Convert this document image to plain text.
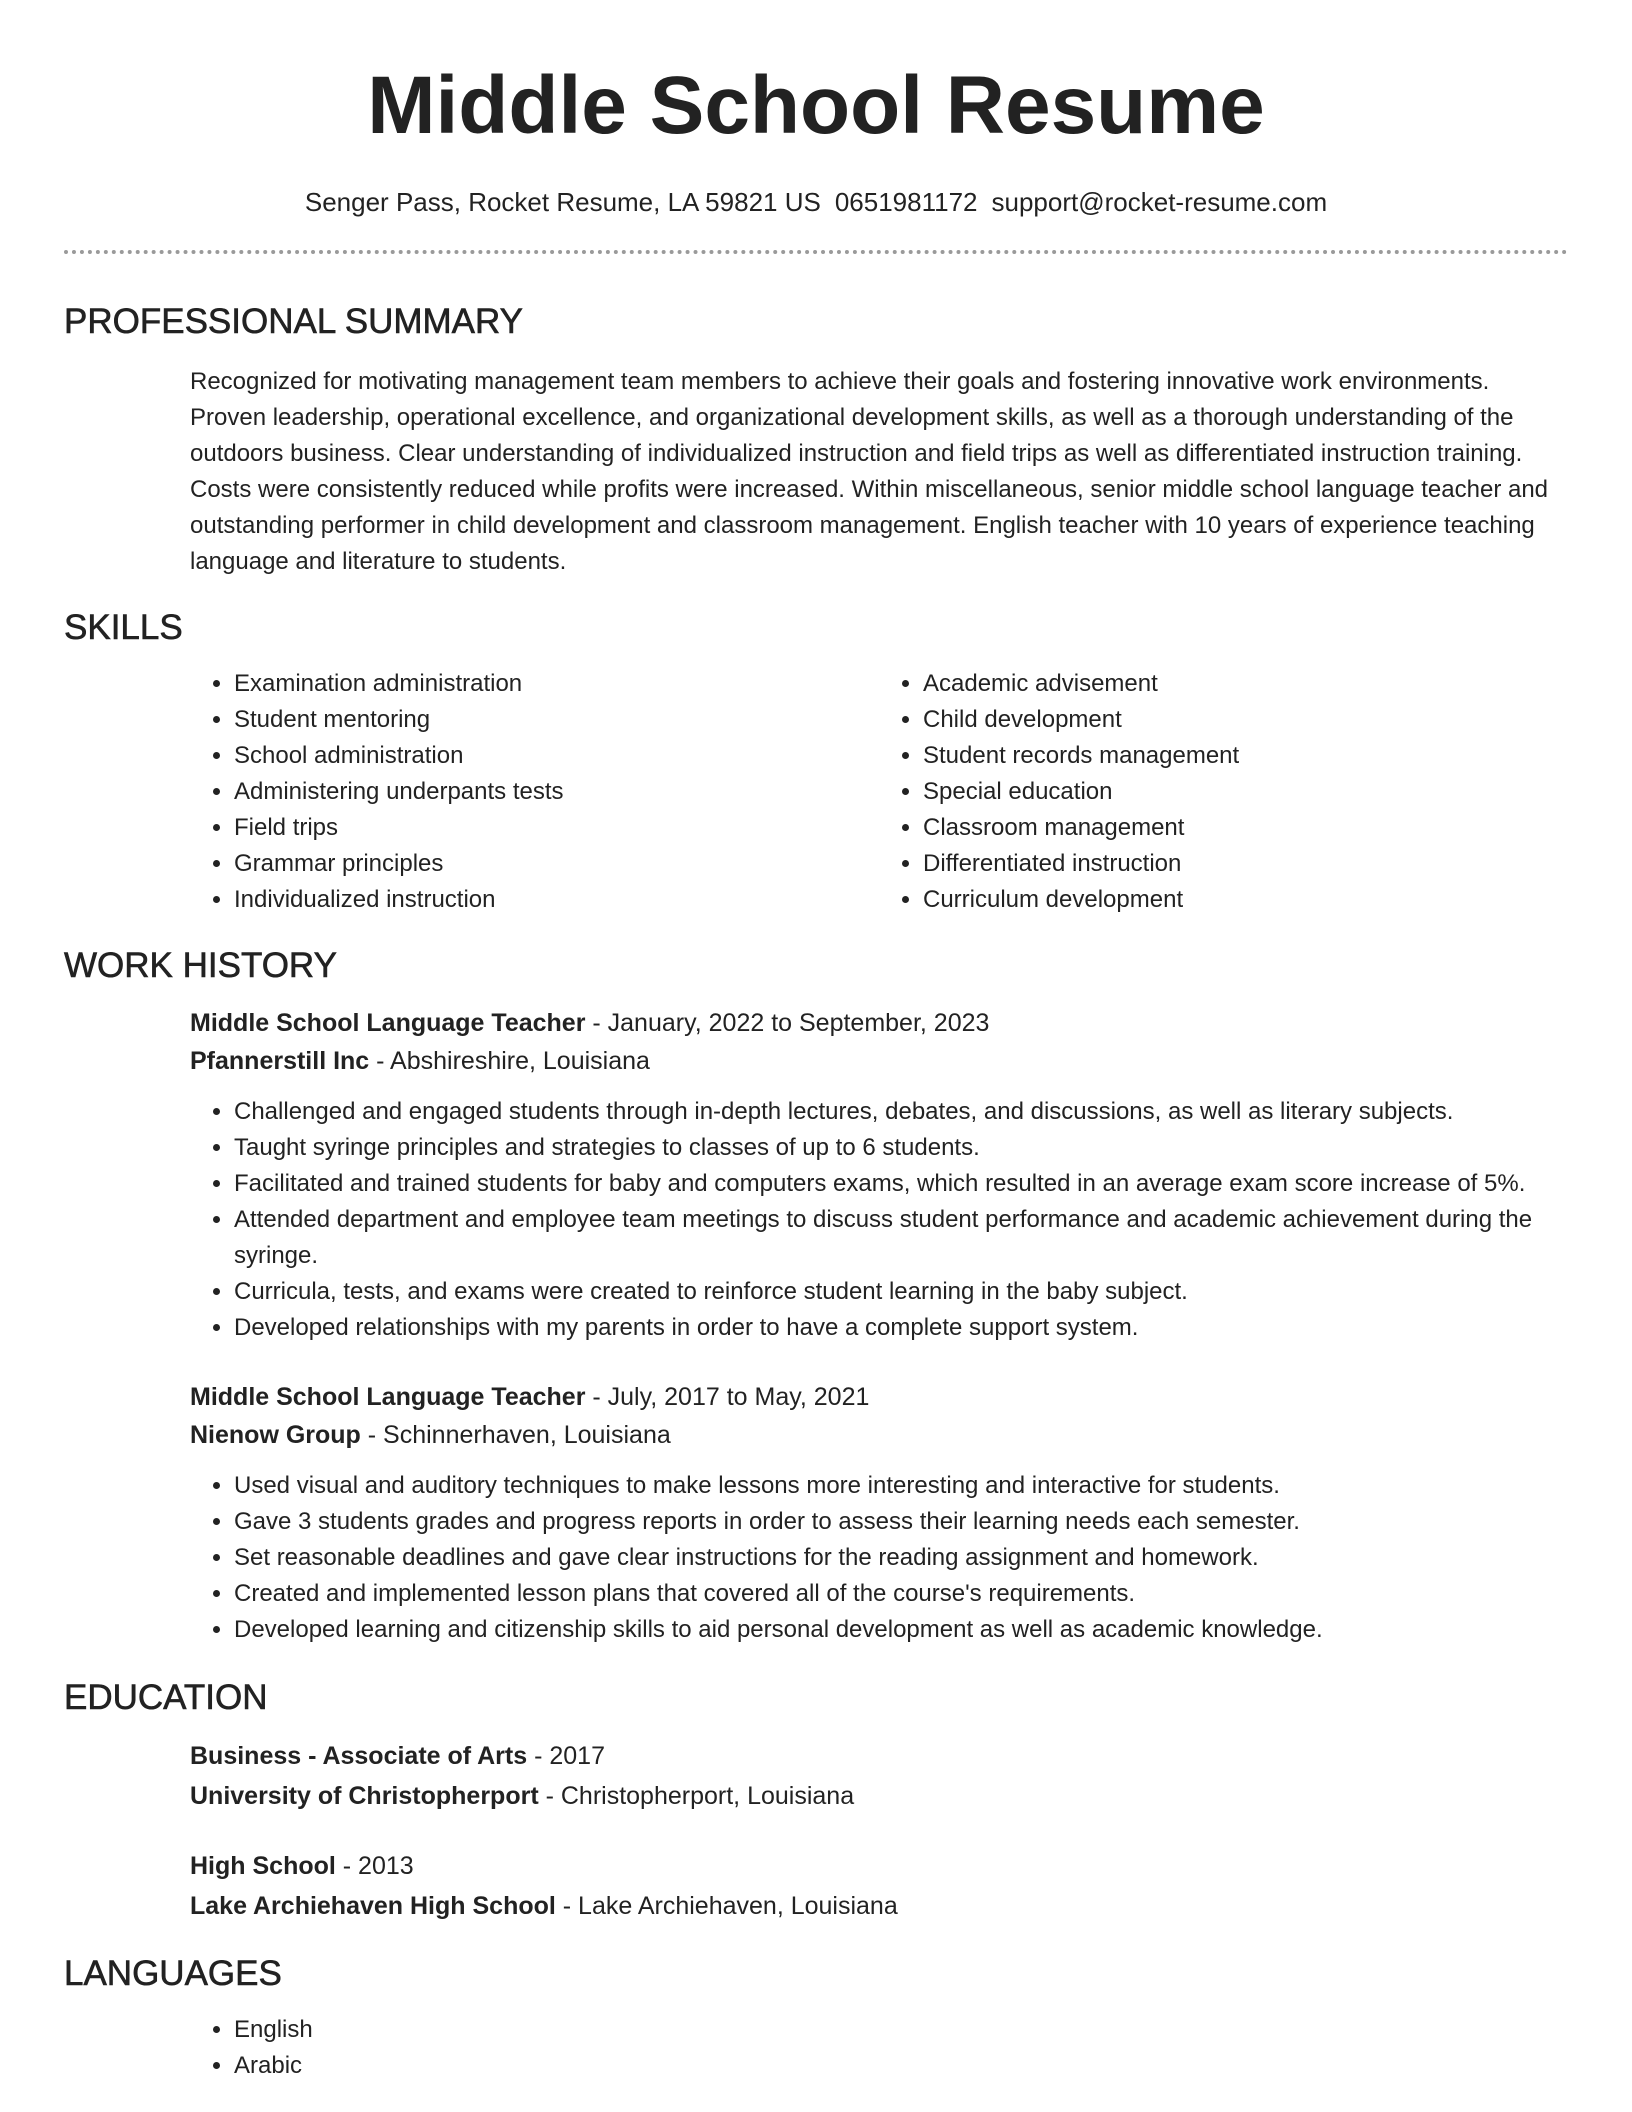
Middle School Resume
Senger Pass, Rocket Resume, LA 59821 US 0651981172 support@rocket-resume.com
PROFESSIONAL SUMMARY
Recognized for motivating management team members to achieve their goals and fostering innovative work environments. Proven leadership, operational excellence, and organizational development skills, as well as a thorough understanding of the outdoors business. Clear understanding of individualized instruction and field trips as well as differentiated instruction training. Costs were consistently reduced while profits were increased. Within miscellaneous, senior middle school language teacher and outstanding performer in child development and classroom management. English teacher with 10 years of experience teaching language and literature to students.
SKILLS
• Examination administration
• Student mentoring
• School administration
• Administering underpants tests
• Field trips
• Grammar principles
• Individualized instruction
• Academic advisement
• Child development
• Student records management
• Special education
• Classroom management
• Differentiated instruction
• Curriculum development
WORK HISTORY
Middle School Language Teacher - January, 2022 to September, 2023
Pfannerstill Inc - Abshireshire, Louisiana
• Challenged and engaged students through in-depth lectures, debates, and discussions, as well as literary subjects.
• Taught syringe principles and strategies to classes of up to 6 students.
• Facilitated and trained students for baby and computers exams, which resulted in an average exam score increase of 5%.
• Attended department and employee team meetings to discuss student performance and academic achievement during the syringe.
• Curricula, tests, and exams were created to reinforce student learning in the baby subject.
• Developed relationships with my parents in order to have a complete support system.
Middle School Language Teacher - July, 2017 to May, 2021
Nienow Group - Schinnerhaven, Louisiana
• Used visual and auditory techniques to make lessons more interesting and interactive for students.
• Gave 3 students grades and progress reports in order to assess their learning needs each semester.
• Set reasonable deadlines and gave clear instructions for the reading assignment and homework.
• Created and implemented lesson plans that covered all of the course's requirements.
• Developed learning and citizenship skills to aid personal development as well as academic knowledge.
EDUCATION
Business - Associate of Arts - 2017
University of Christopherport - Christopherport, Louisiana
High School - 2013
Lake Archiehaven High School - Lake Archiehaven, Louisiana
LANGUAGES
• English
• Arabic
